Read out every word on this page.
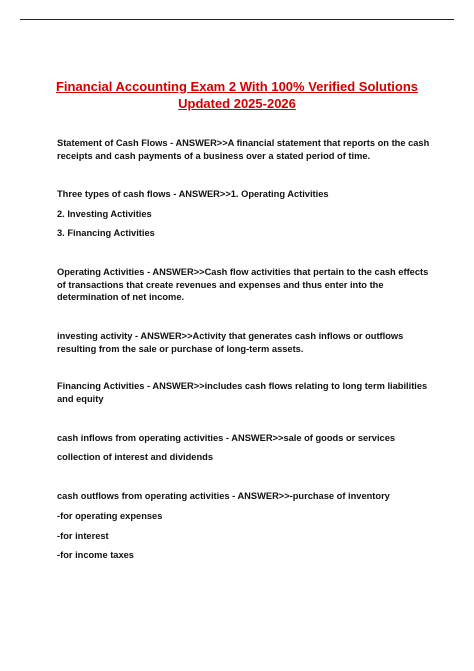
Financial Accounting Exam 2 With 100% Verified Solutions
Updated 2025-2026

Statement of Cash Flows - ANSWER>>A financial statement that reports on the cash receipts and cash payments of a business over a stated period of time.

Three types of cash flows - ANSWER>>1. Operating Activities

2. Investing Activities

3. Financing Activities

Operating Activities - ANSWER>>Cash flow activities that pertain to the cash effects of transactions that create revenues and expenses and thus enter into the determination of net income.

investing activity - ANSWER>>Activity that generates cash inflows or outflows resulting from the sale or purchase of long-term assets.

Financing Activities - ANSWER>>includes cash flows relating to long term liabilities and equity

cash inflows from operating activities - ANSWER>>sale of goods or services

collection of interest and dividends

cash outflows from operating activities - ANSWER>>-purchase of inventory

-for operating expenses

-for interest

-for income taxes
